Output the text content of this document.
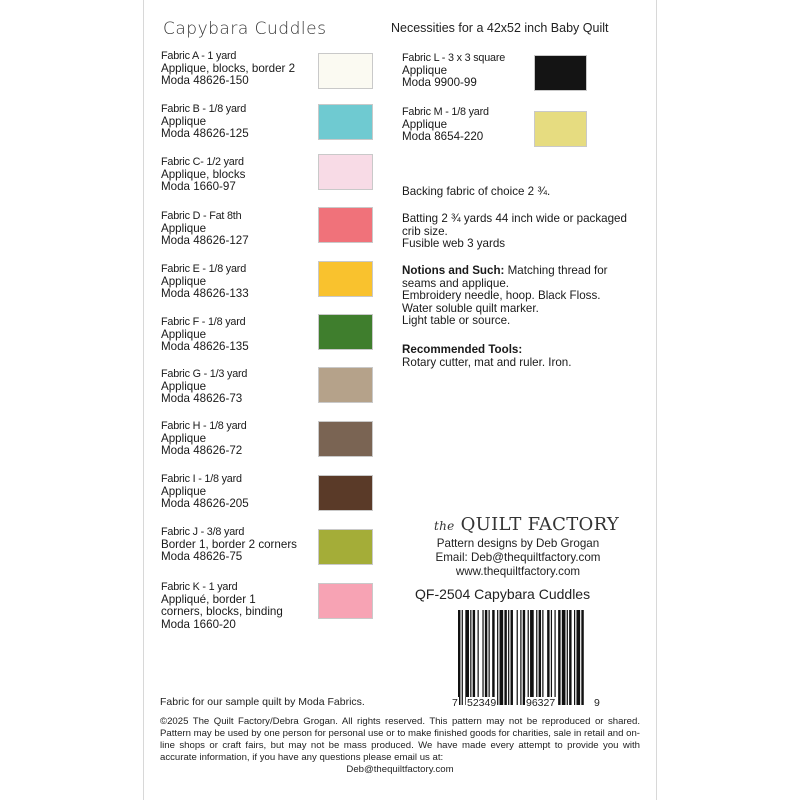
Capybara Cuddles	Necessities for a 42x52 inch Baby Quilt
Fabric A - 1 yard
Applique, blocks, border 2
Moda 48626-150
Fabric B - 1/8 yard
Applique
Moda 48626-125
Fabric C- 1/2 yard
Applique, blocks
Moda 1660-97
Fabric D - Fat 8th
Applique
Moda 48626-127
Fabric E - 1/8 yard
Applique
Moda 48626-133
Fabric F - 1/8 yard
Applique
Moda 48626-135
Fabric G - 1/3 yard
Applique
Moda 48626-73
Fabric H - 1/8 yard
Applique
Moda 48626-72
Fabric I - 1/8 yard
Applique
Moda 48626-205
Fabric J - 3/8 yard
Border 1, border 2 corners
Moda 48626-75
Fabric K - 1 yard
Appliqué, border 1
corners, blocks, binding
Moda 1660-20
Fabric L - 3 x 3 square
Applique
Moda 9900-99
Fabric M - 1/8 yard
Applique
Moda 8654-220
Backing fabric of choice 2 ¾.
Batting 2 ¾ yards 44 inch wide or packaged
crib size.
Fusible web 3 yards
Notions and Such: Matching thread for
seams and applique.
Embroidery needle, hoop. Black Floss.
Water soluble quilt marker.
Light table or source.
Recommended Tools:
Rotary cutter, mat and ruler. Iron.
the QUILT FACTORY
Pattern designs by Deb Grogan
Email: Deb@thequiltfactory.com
www.thequiltfactory.com
QF-2504 Capybara Cuddles
7 52349	96327	9
Fabric for our sample quilt by Moda Fabrics.
©2025 The Quilt Factory/Debra Grogan. All rights reserved. This pattern may not be reproduced or shared. Pattern may be used by one person for personal use or to make finished goods for charities, sale in retail and on-line shops or craft fairs, but may not be mass produced. We have made every attempt to provide you with accurate information, if you have any questions please email us at:
Deb@thequiltfactory.com
